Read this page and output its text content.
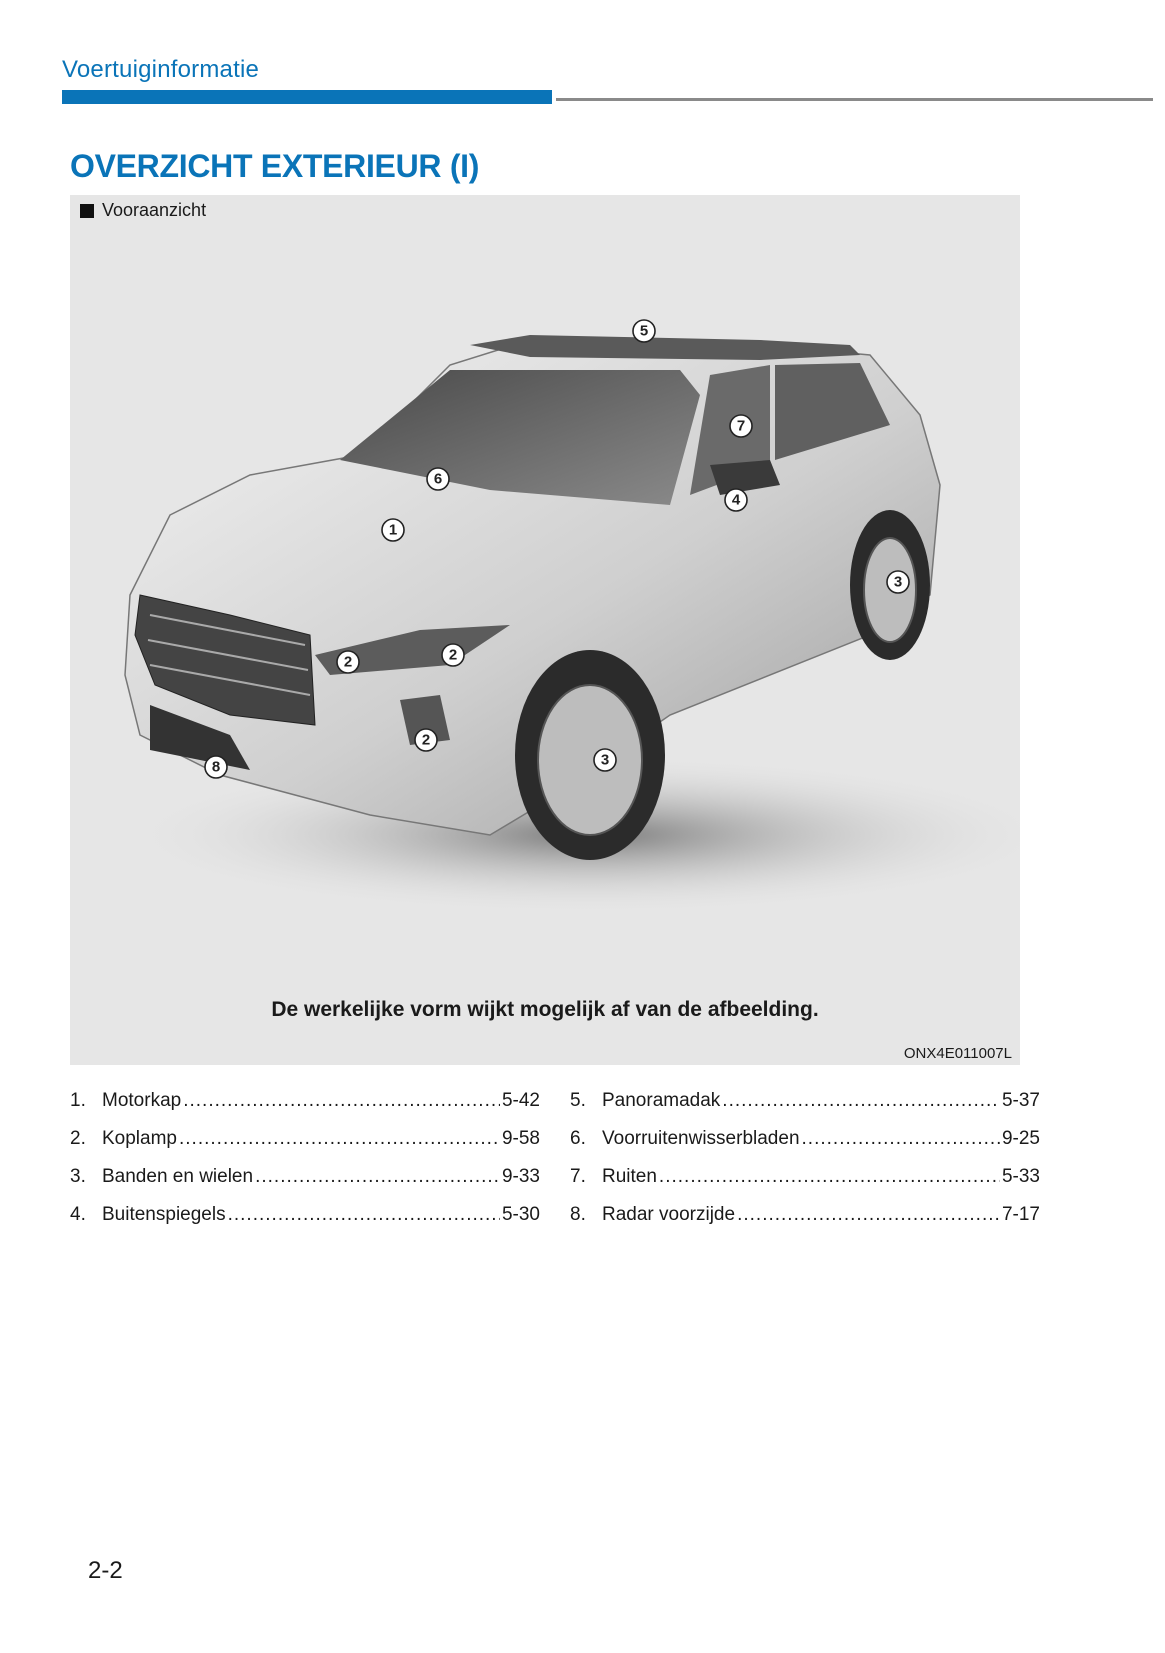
Voertuiginformatie
OVERZICHT EXTERIEUR (I)
1
2	2
2
3
3
4
5
6
7
8
Vooraanzicht
De werkelijke vorm wijkt mogelijk af van de afbeelding.
ONX4E011007L
1. Motorkap .....	5-42
2. Koplamp .....	9-58
3. Banden en wielen .....	9-33
4. Buitenspiegels .....	5-30
5. Panoramadak .....	5-37
6. Voorruitenwisserbladen .....	9-25
7. Ruiten .....	5-33
8. Radar voorzijde .....	7-17
2-2
